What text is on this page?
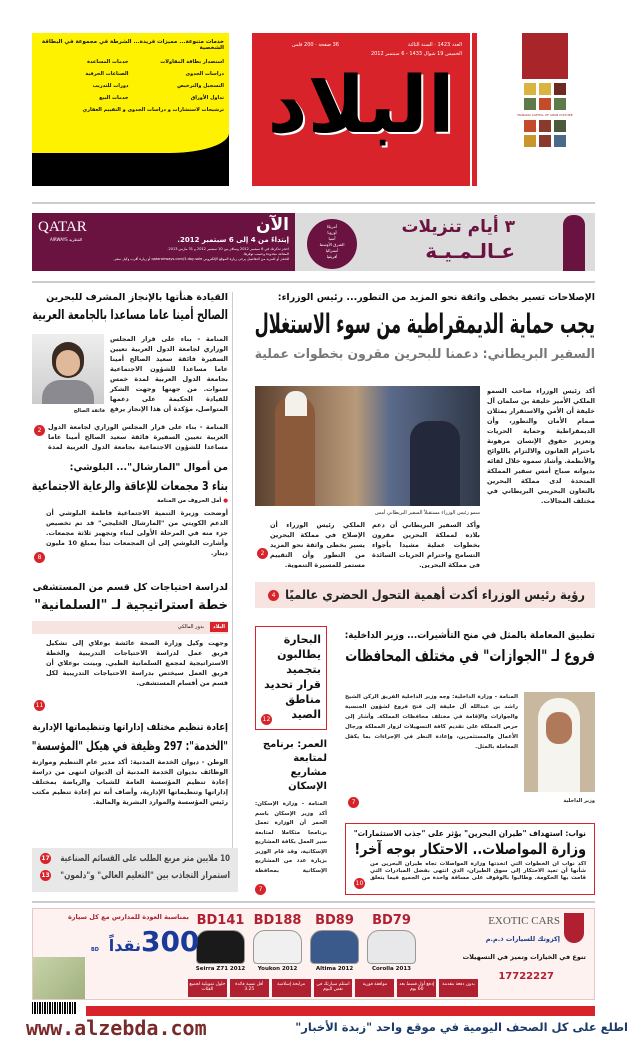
خدمات متنوعة... مميزات فريدة... الشرطة في مجموعة في البطاقة الشخصية
استصدار بطاقة المقاولات
خدمات المساعدة
دراسات الجدوى
الصناعات الحرفية
التسجيل والترخيص
دورات للتدريب
تداول الأوراق
خدمات البيع
ترشيحات لاستشارات و دراسات الجدوى و التقييم العقاري
العدد 1423 · السنة الثالثة
الخميس 19 شوال 1433 - 6 سبتمبر 2012
36 صفحة · 200 فلس
البلاد	MANAMA CAPITAL OF ARAB CULTURE
QATAR
AIRWAYS القطرية
الآن
إبتداءً من 4 إلى 6 سبتمبر 2012.
احجز تذكرتك في 6 سبتمبر 2012 وسافر بين 10 سبتمبر 2012 و 31 مارس 2013.
المقاعد محدودة وحسب توفرها.
للحجز أو للمزيد من التفاصيل يرجى زيارة الموقع الإلكتروني qatarairways.com/3-day-sale أو زيارة أقرب وكيل سفر.
أمريكا
أوروبا
آسيا
الشرق الأوسط
أستراليا
أفريقيا
٣ أيام تنزيلات
عـالـمـيـة
الإصلاحات تسير بخطى واثقة نحو المزيد من التطور... رئيس الوزراء:
يجب حماية الديمقراطية من سوء الاستغلال
السفير البريطاني: دعمنا للبحرين مقرون بخطوات عملية
سمو رئيس الوزراء مستقبلاً السفير البريطاني أمس
أكد رئيس الوزراء صاحب السمو الملكي الأمير خليفة بن سلمان آل خليفة أن الأمن والاستقرار يمثلان صمام الأمان والتطور، وأن الديمقراطية وحماية الحريات وتعزيز حقوق الإنسان مرهونة باحترام القانون والالتزام باللوائح والأنظمة. وأشاد سموه خلال لقائه بديوانه صباح أمس سفير المملكة المتحدة لدى مملكة البحرين بالتعاون البحريني البريطاني في مختلف المجالات.
وأكد السفير البريطاني أن دعم بلاده لمملكة البحرين مقرون بخطوات عملية مشيدا بأجواء التسامح واحترام الحريات السائدة في مملكة البحرين.
الملكي رئيس الوزراء أن الإصلاح في مملكة البحرين يسير بخطى واثقة نحو المزيد من التطور وأن التقييم مستمر للمسيرة التنموية.
2
4 رؤية رئيس الوزراء أكدت أهمية التحول الحضري عالميًا
القيادة هنأتها بالإنجاز المشرف للبحرين
الصالح أمينا عاما مساعدا بالجامعة العربية
فائقة الصالح
المنامة - بناء على قرار المجلس الوزاري لجامعة الدول العربية تعيين السفيرة فائقة سعيد الصالح أمينا عاما مساعدا للشؤون الاجتماعية بجامعة الدول العربية لمدة خمس سنوات. من جهتها وجهت الشكر للقيادة الحكيمة على دعمها المتواصل، مؤكدة أن هذا الإنجاز يرفع
المنامة - بناء على قرار المجلس الوزاري لجامعة الدول العربية تعيين السفيرة فائقة سعيد الصالح أمينا عاما مساعدا للشؤون الاجتماعية بجامعة الدول العربية لمدة
2
من أموال "المارشال"... البلوشي:
بناء 3 مجمعات للإعاقة والرعاية الاجتماعية
● أمل الحروف من المنامة
أوضحت وزيرة التنمية الاجتماعية فاطمة البلوشي أن الدعم الكويتي من "المارشال الخليجي" قد تم تخصيص جزء منه في المرحلة الأولى لبناء وتجهيز ثلاثة مجمعات. وأشارت البلوشي إلى أن المجمعات تبدأ بمبلغ 10 مليون دينار.
8
لدراسة احتياجات كل قسم من المستشفى
خطة استراتيجية لـ "السلمانية"
البلاد
بدور المالكي
وجهت وكيل وزارة الصحة عائشة بوعلاي إلى تشكيل فريق عمل لدراسة الاحتياجات التدريبية والخطة الاستراتيجية لمجمع السلمانية الطبي. وبينت بوعلاي أن فريق العمل سيختص بدراسة الاحتياجات التدريبية لكل قسم من أقسام المستشفى.
11
إعادة تنظيم مختلف إداراتها وتنظيماتها الإدارية
"الخدمة": 297 وظيفة في هيكل "المؤسسة"
الوطن - ديوان الخدمة المدنية: أكد مدير عام التنظيم وموازنة الوظائف بديوان الخدمة المدنية أن الديوان انتهى من دراسة إعادة تنظيم المؤسسة العامة للشباب والرياضة بمختلف إداراتها وتنظيماتها الإدارية، وأضاف أنه تم إعادة تنظيم مكتب رئيس المؤسسة والموارد البشرية والمالية.
10 ملايين متر مربع الطلب على القسائم الصناعية
17
استمرار التجاذب بين "التعليم العالي" و"دلمون"
13
البحارة يطالبون بتجميد قرار تحديد مناطق الصيد
12
العمر: برنامج لمتابعة مشاريع الإسكان
المنامة - وزارة الإسكان: أكد وزير الإسكان باسم الحمر أن الوزارة تعمل برنامجا متكاملا لمتابعة سير العمل بكافة المشاريع الإسكانية، وقد قام الوزير بزيارة عدد من المشاريع الإسكانية بمحافظة
7
تطبيق المعاملة بالمثل في منح التأشيرات... وزير الداخلية:
فروع لـ "الجوازات" في مختلف المحافظات
وزير الداخلية
المنامة - وزارة الداخلية: وجه وزير الداخلية الفريق الركن الشيخ راشد بن عبدالله آل خليفة إلى فتح فروع لشؤون الجنسية والجوازات والإقامة في مختلف محافظات المملكة. وأشار إلى حرص المملكة على تقديم كافة التسهيلات لزوار المملكة ورجال الأعمال والمستثمرين، وإعادة النظر في الإجراءات بما يكفل المعاملة بالمثل.
7
نواب: استهداف "طيران البحرين" يؤثر على "جذب الاستثمارات"
وزارة المواصلات.. الاحتكار بوجه آخر!
أكد نواب أن الخطوات التي اتخذتها وزارة المواصلات تجاه طيران البحرين من شأنها أن تعيد الاحتكار إلى سوق الطيران، الذي انتهى بفضل المبادرات التي قامت بها الحكومة. وطالبوا بالوقوف على مسافة واحدة من الجميع فيما يتعلق
10
EXOTIC CARS
إكزوتك للسيارات ذ.م.م
تنوع في الخيارات وتميز في التسهيلات
17722227
BD79
Corolla 2013
BD89
Altima 2012
BD188
Youkon 2012
BD141
Seirra Z71 2012
بدون دفعة مقدمة
إدفع أول قسط بعد 60 يوم
موافقة فورية
استلم سيارتك في نفس اليوم
مرابحة إسلامية
أقل نسبة فائدة 3.25
حلول تمويلية لجميع الفئات
بمناسبة العودة للمدارس مع كل سيارة
300نقداً BD
www.alzebda.com	اطلع على كل الصحف اليومية في موقع واحد "زبدة الأخبار"
